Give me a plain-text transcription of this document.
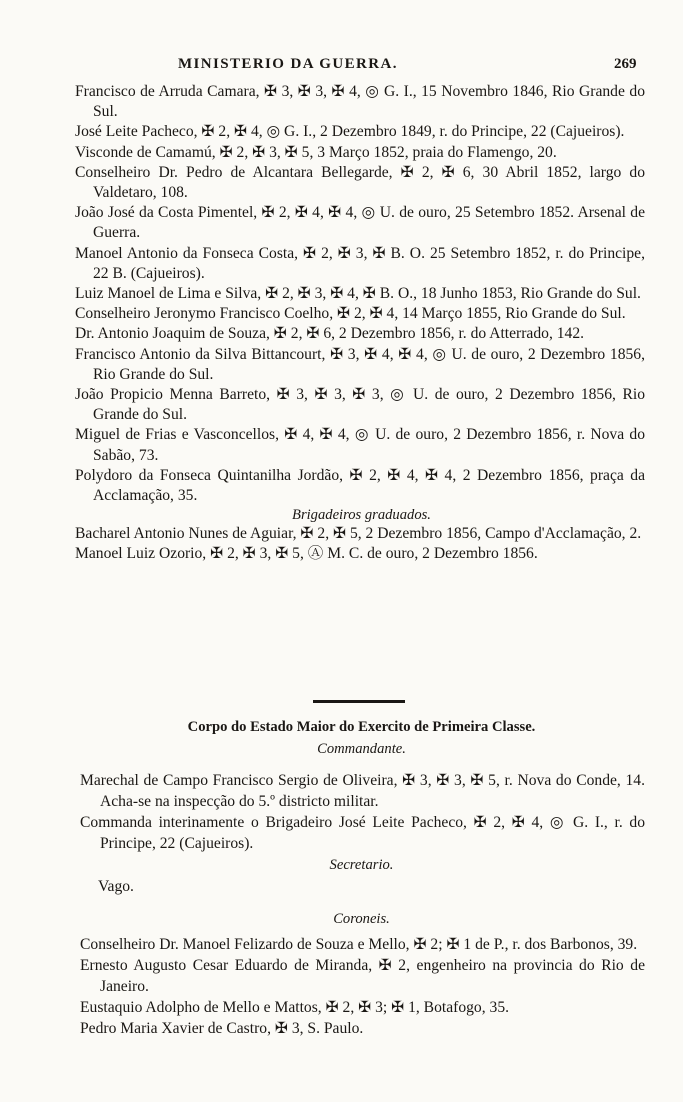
MINISTERIO DA GUERRA.	269
Francisco de Arruda Camara, ✠ 3, ✠ 3, ✠ 4, ◎ G. I., 15 Novembro 1846, Rio Grande do Sul.
José Leite Pacheco, ✠ 2, ✠ 4, ◎ G. I., 2 Dezembro 1849, r. do Principe, 22 (Cajueiros).
Visconde de Camamú, ✠ 2, ✠ 3, ✠ 5, 3 Março 1852, praia do Flamengo, 20.
Conselheiro Dr. Pedro de Alcantara Bellegarde, ✠ 2, ✠ 6, 30 Abril 1852, largo do Valdetaro, 108.
João José da Costa Pimentel, ✠ 2, ✠ 4, ✠ 4, ◎ U. de ouro, 25 Setembro 1852. Arsenal de Guerra.
Manoel Antonio da Fonseca Costa, ✠ 2, ✠ 3, ✠ B. O. 25 Setembro 1852, r. do Principe, 22 B. (Cajueiros).
Luiz Manoel de Lima e Silva, ✠ 2, ✠ 3, ✠ 4, ✠ B. O., 18 Junho 1853, Rio Grande do Sul.
Conselheiro Jeronymo Francisco Coelho, ✠ 2, ✠ 4, 14 Março 1855, Rio Grande do Sul.
Dr. Antonio Joaquim de Souza, ✠ 2, ✠ 6, 2 Dezembro 1856, r. do Atterrado, 142.
Francisco Antonio da Silva Bittancourt, ✠ 3, ✠ 4, ✠ 4, ◎ U. de ouro, 2 Dezembro 1856, Rio Grande do Sul.
João Propicio Menna Barreto, ✠ 3, ✠ 3, ✠ 3, ◎ U. de ouro, 2 Dezembro 1856, Rio Grande do Sul.
Miguel de Frias e Vasconcellos, ✠ 4, ✠ 4, ◎ U. de ouro, 2 Dezembro 1856, r. Nova do Sabão, 73.
Polydoro da Fonseca Quintanilha Jordão, ✠ 2, ✠ 4, ✠ 4, 2 Dezembro 1856, praça da Acclamação, 35.
Brigadeiros graduados.
Bacharel Antonio Nunes de Aguiar, ✠ 2, ✠ 5, 2 Dezembro 1856, Campo d'Acclamação, 2.
Manoel Luiz Ozorio, ✠ 2, ✠ 3, ✠ 5, Ⓐ M. C. de ouro, 2 Dezembro 1856.
Corpo do Estado Maior do Exercito de Primeira Classe.
Commandante.
Marechal de Campo Francisco Sergio de Oliveira, ✠ 3, ✠ 3, ✠ 5, r. Nova do Conde, 14. Acha-se na inspecção do 5.º districto militar.
Commanda interinamente o Brigadeiro José Leite Pacheco, ✠ 2, ✠ 4, ◎ G. I., r. do Principe, 22 (Cajueiros).
Secretario.
Vago.
Coroneis.
Conselheiro Dr. Manoel Felizardo de Souza e Mello, ✠ 2; ✠ 1 de P., r. dos Barbonos, 39.
Ernesto Augusto Cesar Eduardo de Miranda, ✠ 2, engenheiro na provincia do Rio de Janeiro.
Eustaquio Adolpho de Mello e Mattos, ✠ 2, ✠ 3; ✠ 1, Botafogo, 35.
Pedro Maria Xavier de Castro, ✠ 3, S. Paulo.
